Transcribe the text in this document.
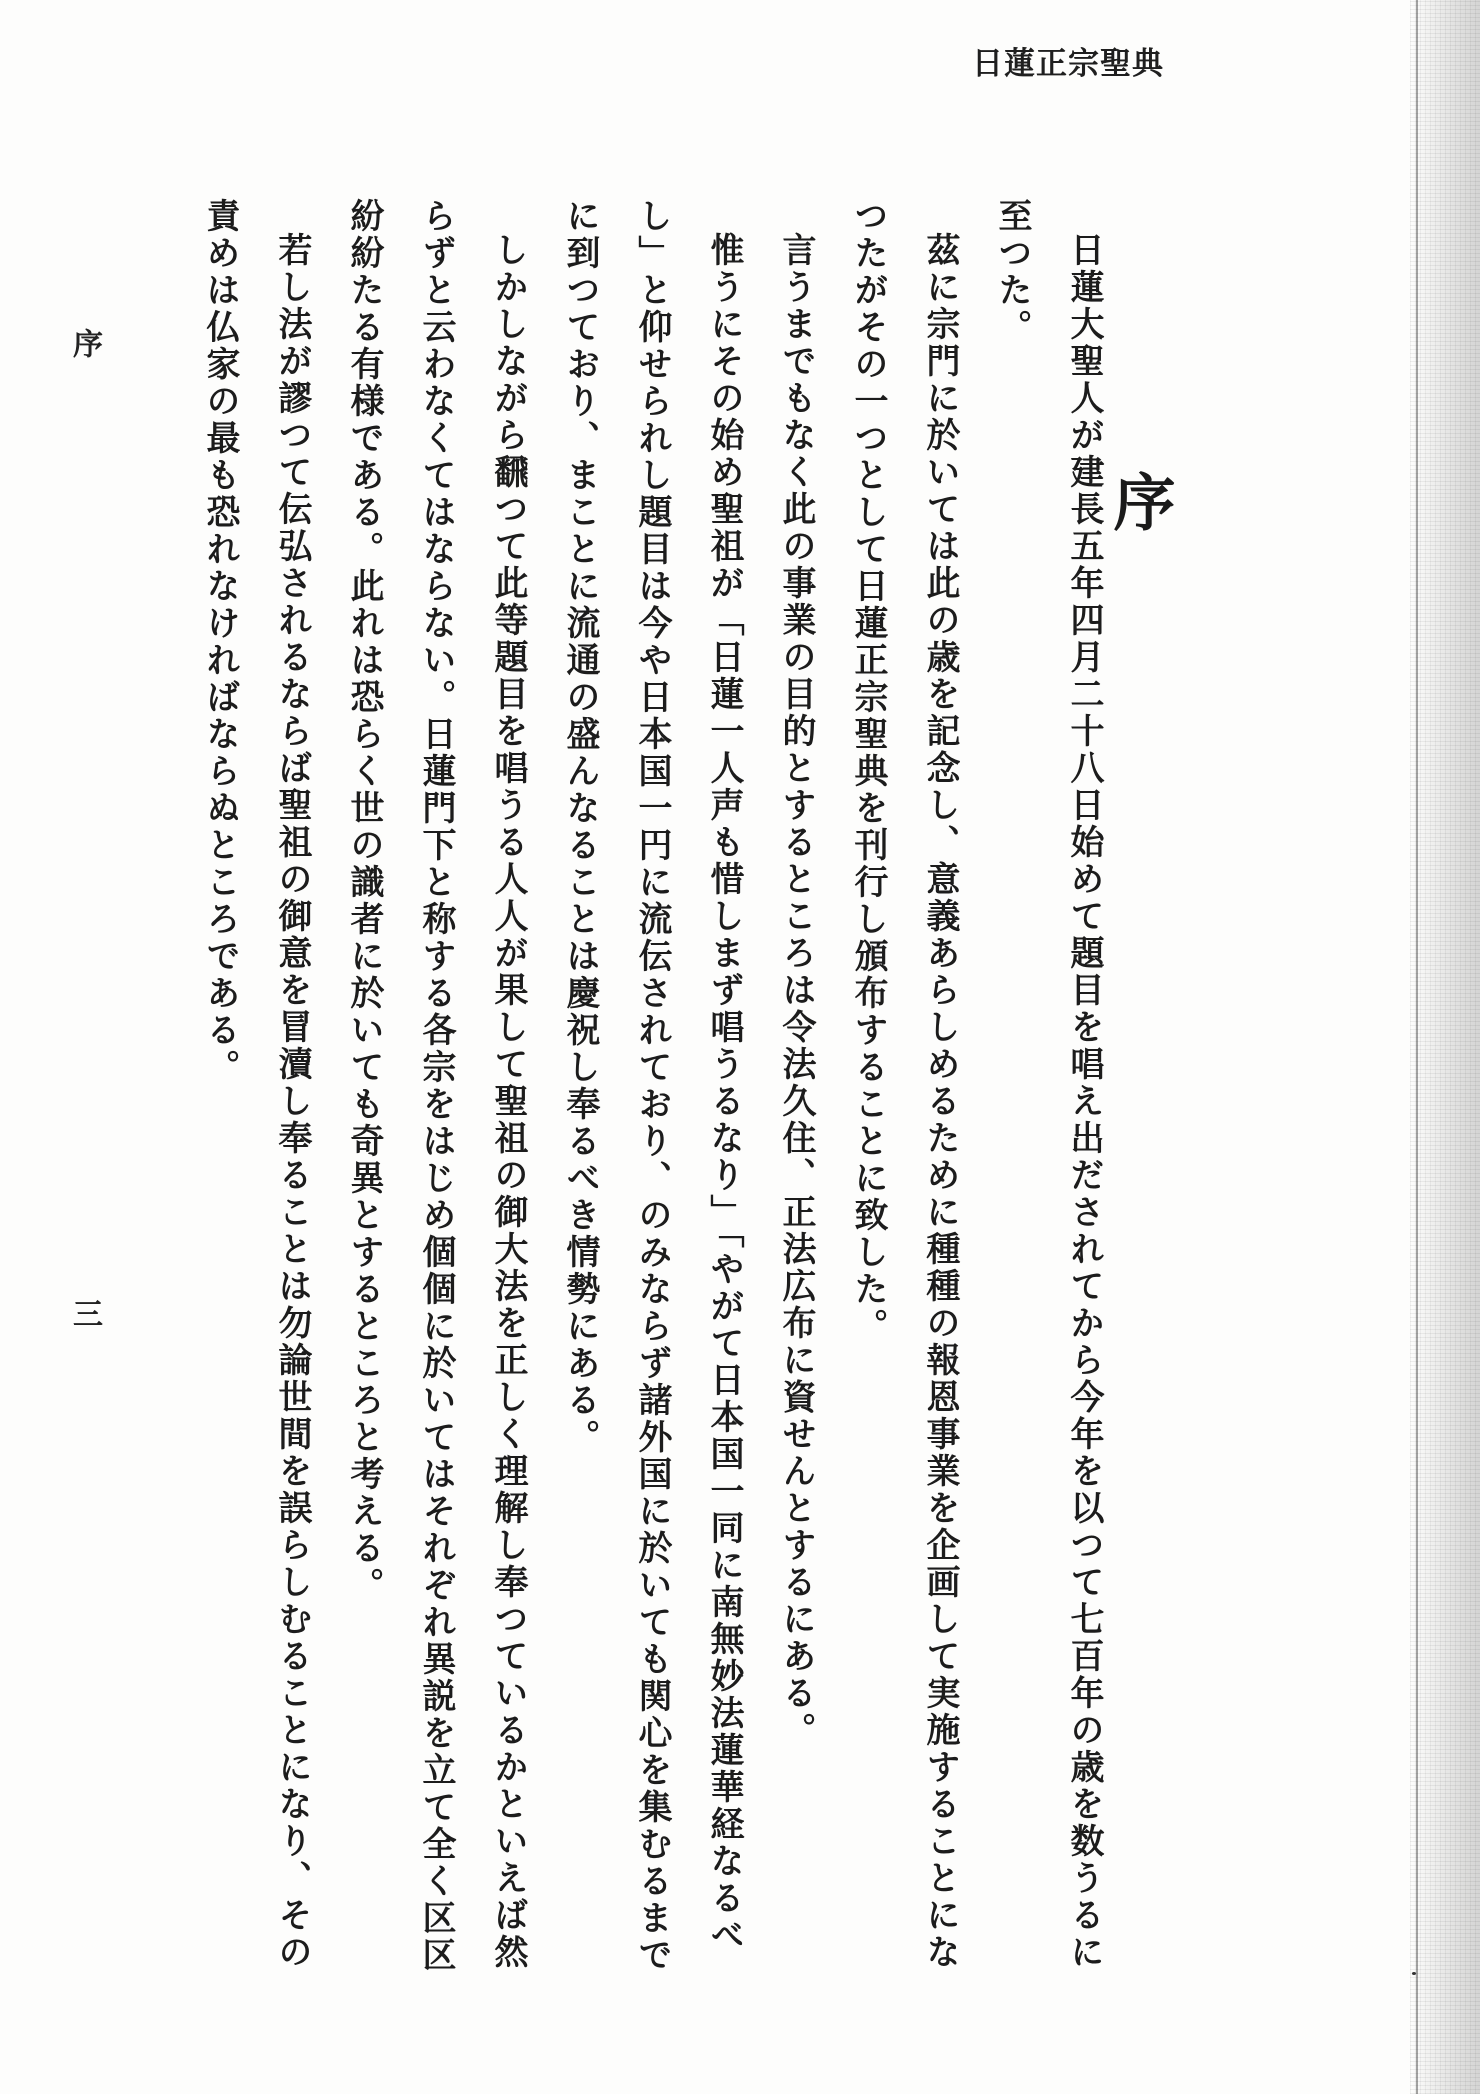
日蓮正宗聖典
日蓮大聖人が建長五年四月二十八日始めて題目を唱え出だされてから今年を以つて七百年の歳を数うるに至つた。
茲に宗門に於いては此の歳を記念し、意義あらしめるために種種の報恩事業を企画して実施することになつたがその一つとして日蓮正宗聖典を刊行し頒布することに致した。
言うまでもなく此の事業の目的とするところは令法久住、正法広布に資せんとするにある。
惟うにその始め聖祖が「日蓮一人声も惜しまず唱うるなり」「やがて日本国一同に南無妙法蓮華経なるべし」と仰せられし題目は今や日本国一円に流伝されており、のみならず諸外国に於いても関心を集むるまでに到つており、まことに流通の盛んなることは慶祝し奉るべき情勢にある。
しかしながら飜つて此等題目を唱うる人人が果して聖祖の御大法を正しく理解し奉つているかといえば然らずと云わなくてはならない。日蓮門下と称する各宗をはじめ個個に於いてはそれぞれ異説を立て全く区区紛紛たる有様である。此れは恐らく世の識者に於いても奇異とするところと考える。
若し法が謬つて伝弘されるならば聖祖の御意を冒瀆し奉ることは勿論世間を誤らしむることになり、その責めは仏家の最も恐れなければならぬところである。	序
序
三
